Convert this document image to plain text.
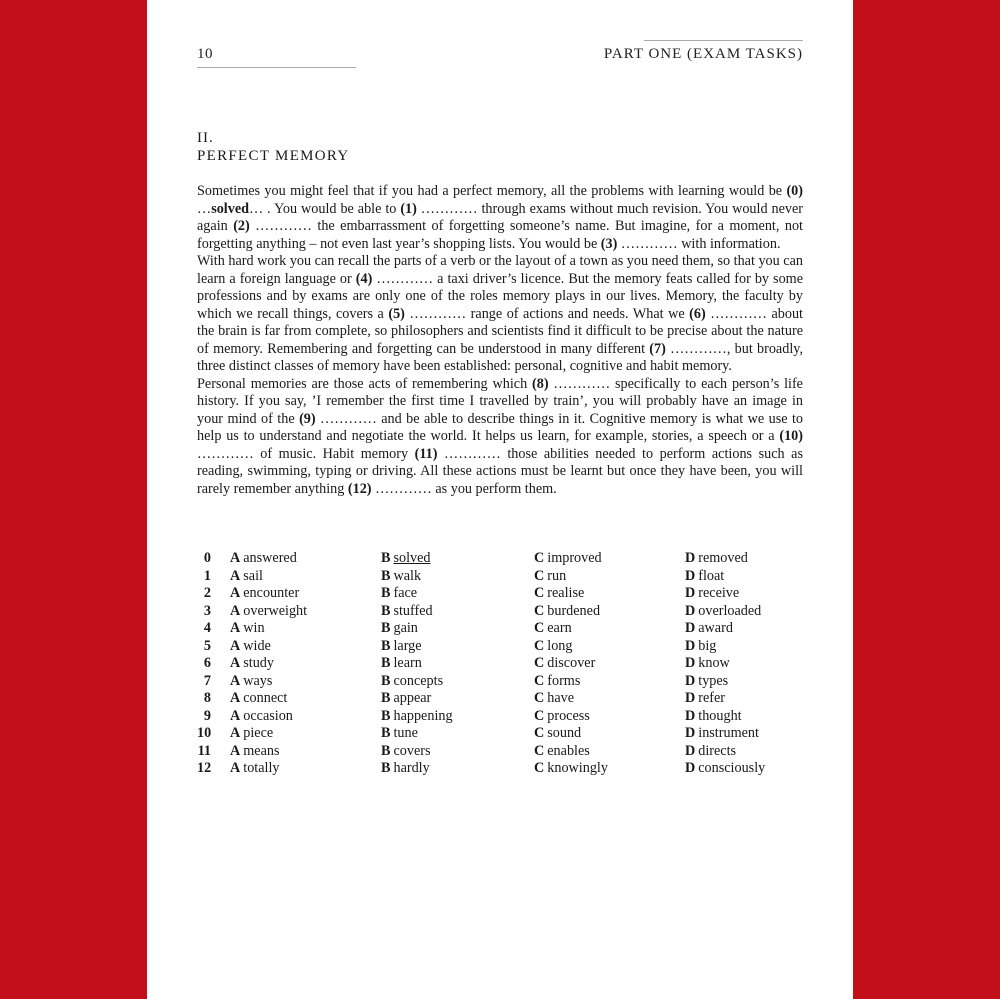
10	PART ONE (EXAM TASKS)
II.
PERFECT MEMORY

Sometimes you might feel that if you had a perfect memory, all the problems with learning would be (0) …solved… . You would be able to (1) ………… through exams without much revision. You would never again (2) ………… the embarrassment of forgetting someone’s name. But imagine, for a moment, not forgetting anything – not even last year’s shopping lists. You would be (3) ………… with information.

With hard work you can recall the parts of a verb or the layout of a town as you need them, so that you can learn a foreign language or (4) ………… a taxi driver’s licence. But the memory feats called for by some professions and by exams are only one of the roles memory plays in our lives. Memory, the faculty by which we recall things, covers a (5) ………… range of actions and needs. What we (6) ………… about the brain is far from complete, so philosophers and scientists find it difficult to be precise about the nature of memory. Remembering and forgetting can be understood in many different (7) …………, but broadly, three distinct classes of memory have been established: personal, cognitive and habit memory.

Personal memories are those acts of remembering which (8) ………… specifically to each person’s life history. If you say, ’I remember the first time I travelled by train’, you will probably have an image in your mind of the (9) ………… and be able to describe things in it. Cognitive memory is what we use to help us to understand and negotiate the world. It helps us learn, for example, stories, a speech or a (10) ………… of music. Habit memory (11) ………… those abilities needed to perform actions such as reading, swimming, typing or driving. All these actions must be learnt but once they have been, you will rarely remember anything (12) ………… as you perform them.

0 A answered	B solved	C improved	D removed
1 A sail	B walk	C run	D float
2 A encounter	B face	C realise	D receive
3 A overweight	B stuffed	C burdened	D overloaded
4 A win	B gain	C earn	D award
5 A wide	B large	C long	D big
6 A study	B learn	C discover	D know
7 A ways	B concepts	C forms	D types
8 A connect	B appear	C have	D refer
9 A occasion	B happening	C process	D thought
10 A piece	B tune	C sound	D instrument
11 A means	B covers	C enables	D directs
12 A totally	B hardly	C knowingly	D consciously
